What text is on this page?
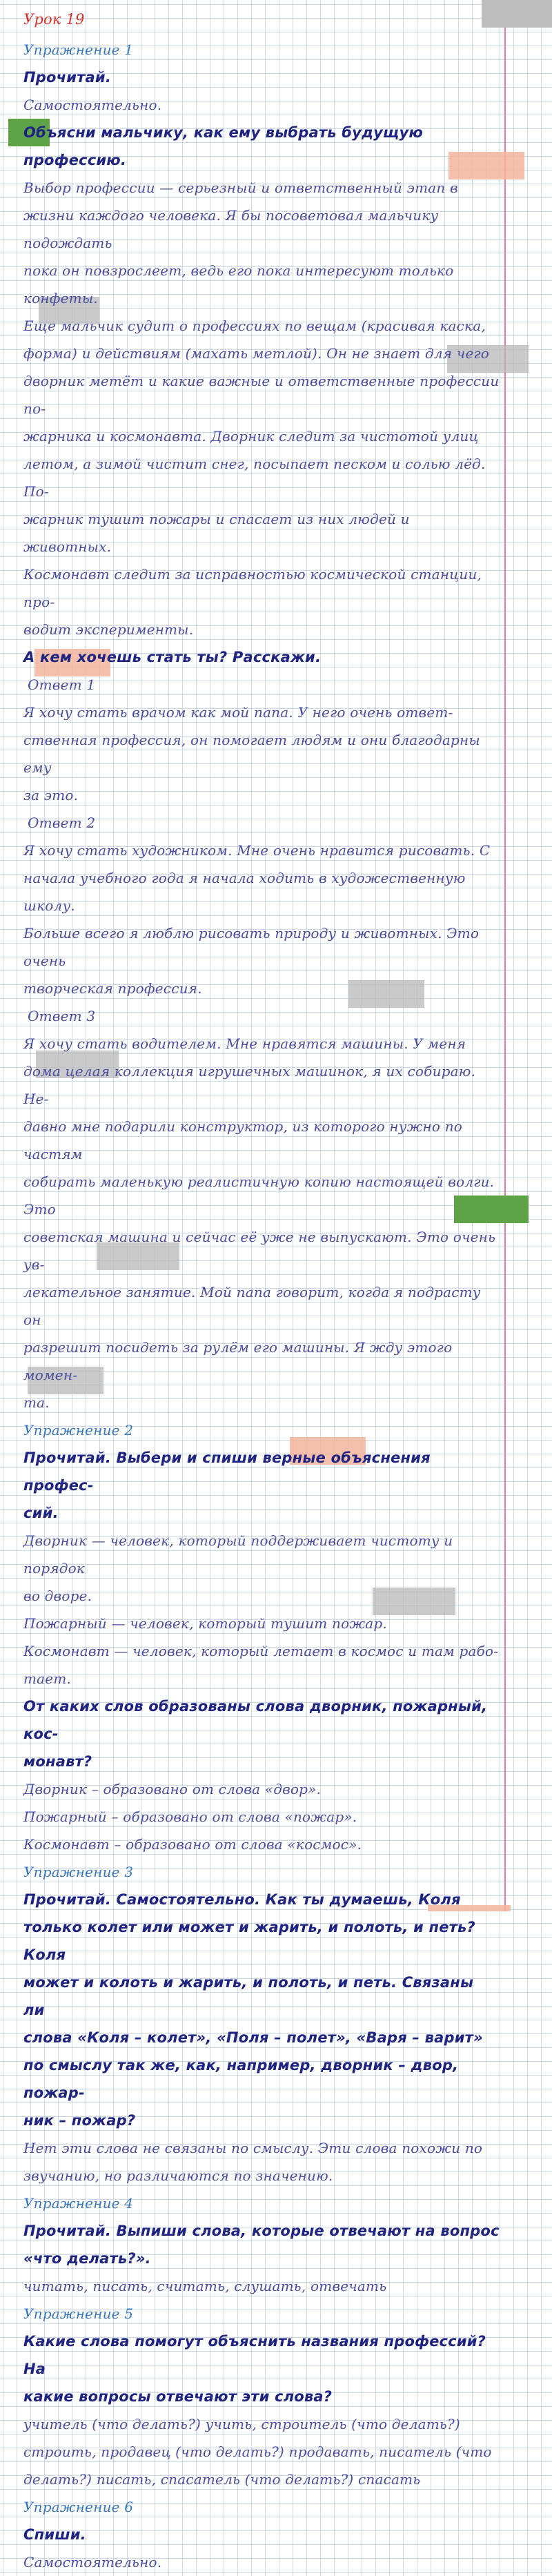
Урок 19
Упражнение 1
Прочитай.
Самостоятельно.
Объясни мальчику, как ему выбрать будущую профессию.
Выбор профессии — серьезный и ответственный этап в
жизни каждого человека. Я бы посоветовал мальчику подождать
пока он повзрослеет, ведь его пока интересуют только конфеты.
Еще мальчик судит о профессиях по вещам (красивая каска,
форма) и действиям (махать метлой). Он не знает для чего
дворник метёт и какие важные и ответственные профессии по-
жарника и космонавта. Дворник следит за чистотой улиц
летом, а зимой чистит снег, посыпает песком и солью лёд. По-
жарник тушит пожары и спасает из них людей и животных.
Космонавт следит за исправностью космической станции, про-
водит эксперименты.
А кем хочешь стать ты? Расскажи.
Ответ 1
Я хочу стать врачом как мой папа. У него очень ответ-
ственная профессия, он помогает людям и они благодарны ему
за это.
Ответ 2
Я хочу стать художником. Мне очень нравится рисовать. С
начала учебного года я начала ходить в художественную школу.
Больше всего я люблю рисовать природу и животных. Это очень
творческая профессия.
Ответ 3
Я хочу стать водителем. Мне нравятся машины. У меня
дома целая коллекция игрушечных машинок, я их собираю. Не-
давно мне подарили конструктор, из которого нужно по частям
собирать маленькую реалистичную копию настоящей волги. Это
советская машина и сейчас её уже не выпускают. Это очень ув-
лекательное занятие. Мой папа говорит, когда я подрасту он
разрешит посидеть за рулём его машины. Я жду этого момен-
та.
Упражнение 2
Прочитай. Выбери и спиши верные объяснения профес-
сий.
Дворник — человек, который поддерживает чистоту и порядок
во дворе.
Пожарный — человек, который тушит пожар.
Космонавт — человек, который летает в космос и там рабо-
тает.
От каких слов образованы слова дворник, пожарный, кос-
монавт?
Дворник – образовано от слова «двор».
Пожарный – образовано от слова «пожар».
Космонавт – образовано от слова «космос».
Упражнение 3
Прочитай. Самостоятельно. Как ты думаешь, Коля
только колет или может и жарить, и полоть, и петь? Коля
может и колоть и жарить, и полоть, и петь. Связаны ли
слова «Коля – колет», «Поля – полет», «Варя – варит»
по смыслу так же, как, например, дворник – двор, пожар-
ник – пожар?
Нет эти слова не связаны по смыслу. Эти слова похожи по
звучанию, но различаются по значению.
Упражнение 4
Прочитай. Выпиши слова, которые отвечают на вопрос
«что делать?».
читать, писать, считать, слушать, отвечать
Упражнение 5
Какие слова помогут объяснить названия профессий? На
какие вопросы отвечают эти слова?
учитель (что делать?) учить, строитель (что делать?)
строить, продавец (что делать?) продавать, писатель (что
делать?) писать, спасатель (что делать?) спасать
Упражнение 6
Спиши.
Самостоятельно.
